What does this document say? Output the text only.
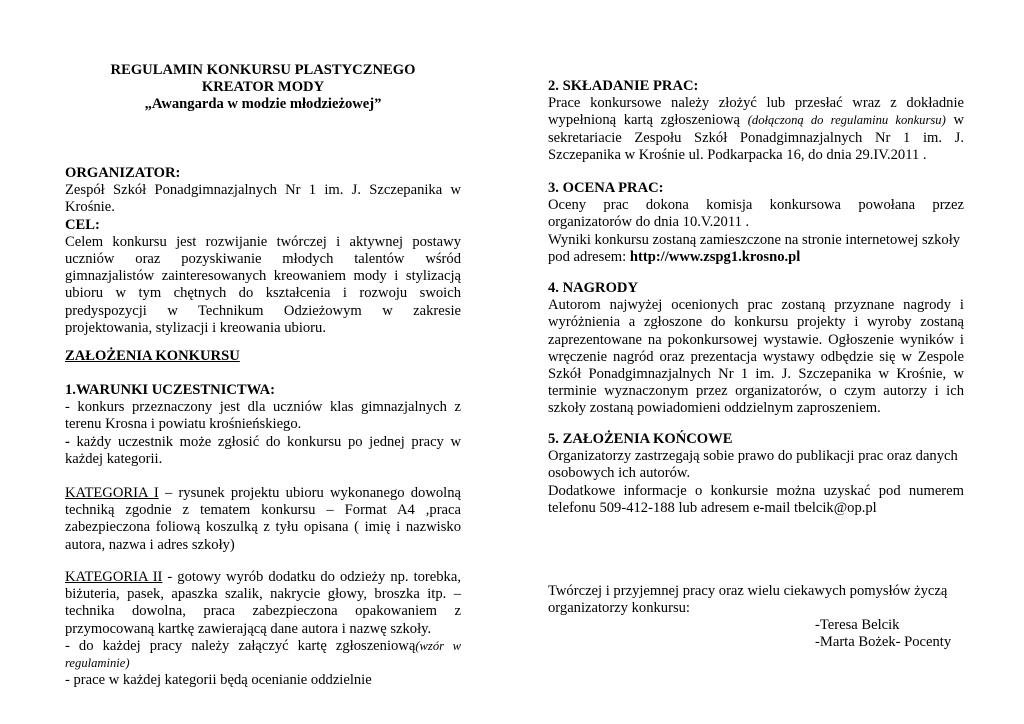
REGULAMIN KONKURSU PLASTYCZNEGO

KREATOR MODY

„Awangarda w modzie młodzieżowej”

ORGANIZATOR:

Zespół Szkół Ponadgimnazjalnych Nr 1 im. J. Szczepanika w Krośnie.

CEL:

Celem konkursu jest rozwijanie twórczej i aktywnej postawy uczniów oraz pozyskiwanie młodych talentów wśród gimnazjalistów zainteresowanych kreowaniem mody i stylizacją ubioru w tym chętnych do kształcenia i rozwoju swoich predyspozycji w Technikum Odzieżowym w zakresie projektowania, stylizacji i kreowania ubioru.

ZAŁOŻENIA KONKURSU

1.WARUNKI UCZESTNICTWA:

- konkurs przeznaczony jest dla uczniów klas gimnazjalnych z terenu Krosna i powiatu krośnieńskiego.

- każdy uczestnik może zgłosić do konkursu po jednej pracy w każdej kategorii.

KATEGORIA I – rysunek projektu ubioru wykonanego dowolną techniką zgodnie z tematem konkursu – Format A4 ,praca zabezpieczona foliową koszulką z tyłu opisana ( imię i nazwisko autora, nazwa i adres szkoły)

KATEGORIA II - gotowy wyrób dodatku do odzieży np. torebka, biżuteria, pasek, apaszka szalik, nakrycie głowy, broszka itp. – technika dowolna, praca zabezpieczona opakowaniem z przymocowaną kartkę zawierającą dane autora i nazwę szkoły.

- do każdej pracy należy załączyć kartę zgłoszeniową(wzór w regulaminie)

- prace w każdej kategorii będą ocenianie oddzielnie

2. SKŁADANIE PRAC:

Prace konkursowe należy złożyć lub przesłać wraz z dokładnie wypełnioną kartą zgłoszeniową (dołączoną do regulaminu konkursu) w sekretariacie Zespołu Szkół Ponadgimnazjalnych Nr 1 im. J. Szczepanika w Krośnie ul. Podkarpacka 16, do dnia 29.IV.2011 .

3. OCENA PRAC:

Oceny prac dokona komisja konkursowa powołana przez organizatorów do dnia 10.V.2011 .

Wyniki konkursu zostaną zamieszczone na stronie internetowej szkoły pod adresem: http://www.zspg1.krosno.pl

4. NAGRODY

Autorom najwyżej ocenionych prac zostaną przyznane nagrody i wyróżnienia a zgłoszone do konkursu projekty i wyroby zostaną zaprezentowane na pokonkursowej wystawie. Ogłoszenie wyników i wręczenie nagród oraz prezentacja wystawy odbędzie się w Zespole Szkół Ponadgimnazjalnych Nr 1 im. J. Szczepanika w Krośnie, w terminie wyznaczonym przez organizatorów, o czym autorzy i ich szkoły zostaną powiadomieni oddzielnym zaproszeniem.

5. ZAŁOŻENIA KOŃCOWE

Organizatorzy zastrzegają sobie prawo do publikacji prac oraz danych osobowych ich autorów.

Dodatkowe informacje o konkursie można uzyskać pod numerem telefonu 509-412-188 lub adresem e-mail tbelcik@op.pl

Twórczej i przyjemnej pracy oraz wielu ciekawych pomysłów życzą organizatorzy konkursu:

-Teresa Belcik

-Marta Bożek- Pocenty
